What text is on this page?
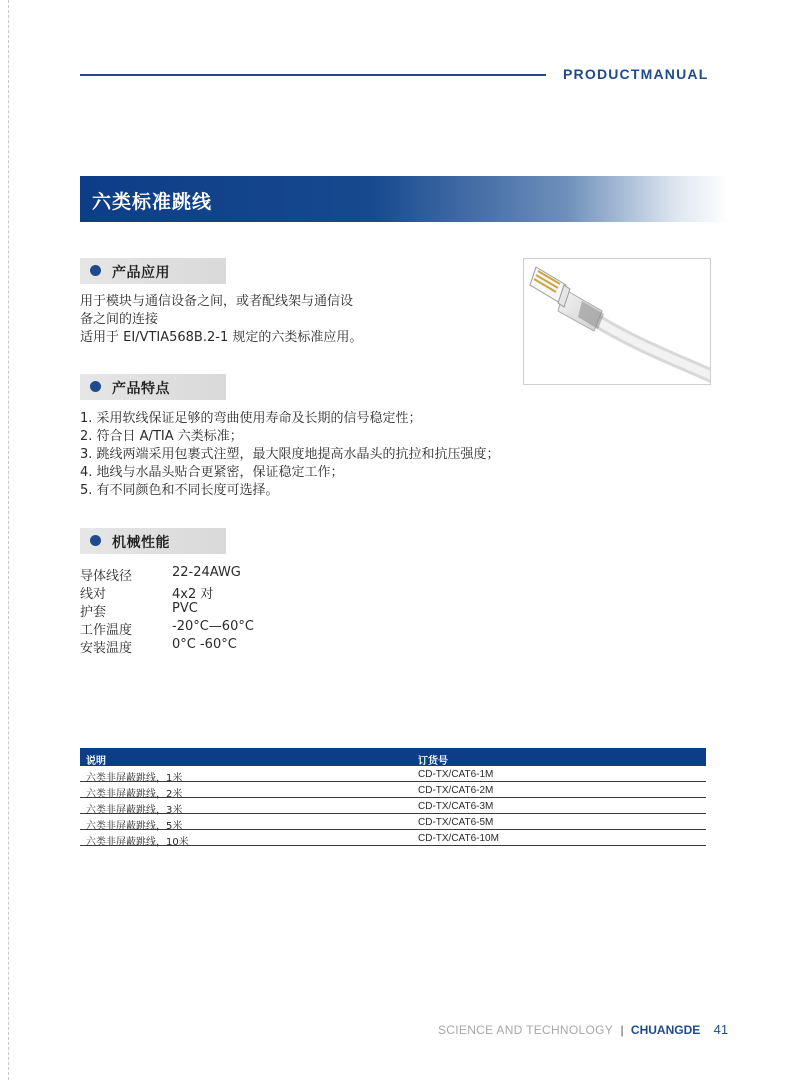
PRODUCTMANUAL
六类标准跳线
产品应用

用于模块与通信设备之间，或者配线架与通信设

备之间的连接

适用于 EI/VTIA568B.2-1 规定的六类标准应用。

产品特点

1. 采用软线保证足够的弯曲使用寿命及长期的信号稳定性；

2. 符合日 A/TIA 六类标准；

3. 跳线两端采用包裹式注塑，最大限度地提高水晶头的抗拉和抗压强度；

4. 地线与水晶头贴合更紧密，保证稳定工作；

5. 有不同颜色和不同长度可选择。

机械性能
导体线径	22-24AWG
线对	4x2 对
护套	PVC
工作温度	-20°C—60°C
安装温度	0°C -60°C
说明	订货号
六类非屏蔽跳线，1米	CD-TX/CAT6-1M
六类非屏蔽跳线，2米	CD-TX/CAT6-2M
六类非屏蔽跳线，3米	CD-TX/CAT6-3M
六类非屏蔽跳线，5米	CD-TX/CAT6-5M
六类非屏蔽跳线，10米	CD-TX/CAT6-10M
SCIENCE AND TECHNOLOGY | CHUANGDE 41
